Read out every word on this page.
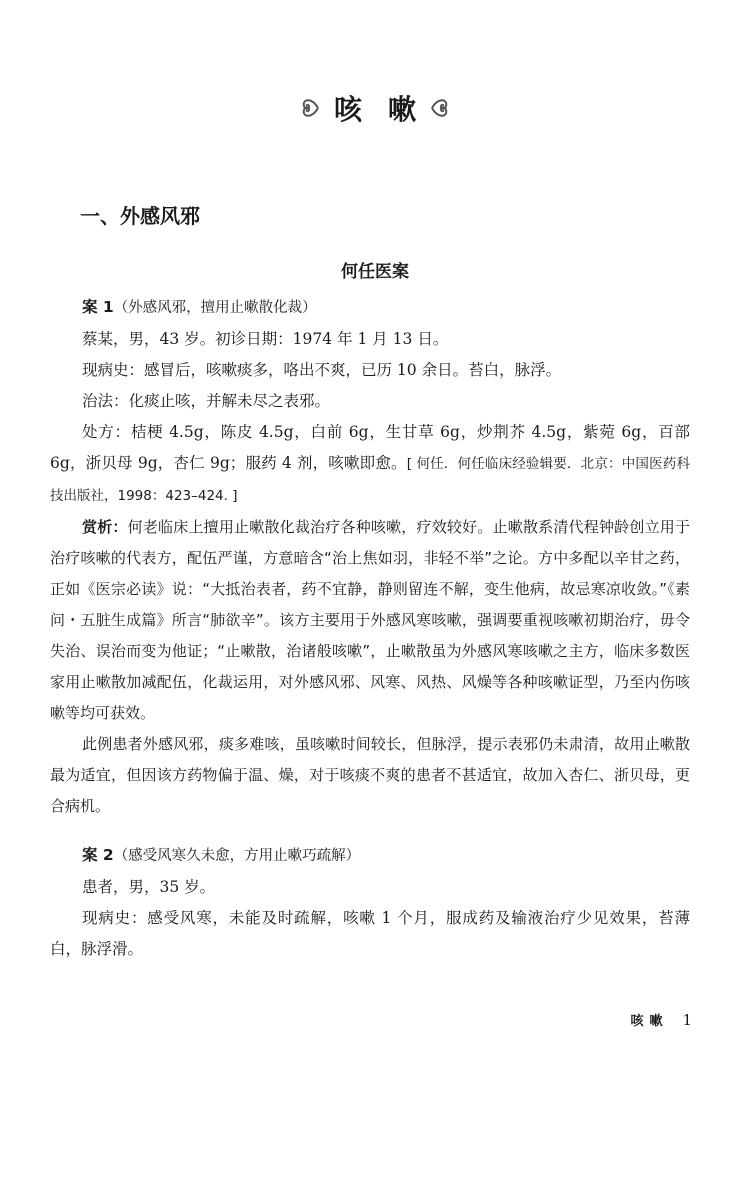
咳嗽
一、外感风邪
何任医案

案 1（外感风邪，擅用止嗽散化裁）

蔡某，男，43 岁。初诊日期：1974 年 1 月 13 日。

现病史：感冒后，咳嗽痰多，咯出不爽，已历 10 余日。苔白，脉浮。

治法：化痰止咳，并解未尽之表邪。

处方：桔梗 4.5g，陈皮 4.5g，白前 6g，生甘草 6g，炒荆芥 4.5g，紫菀 6g，百部 6g，浙贝母 9g，杏仁 9g；服药 4 剂，咳嗽即愈。[ 何任．何任临床经验辑要．北京：中国医药科技出版社，1998：423–424. ]

赏析：何老临床上擅用止嗽散化裁治疗各种咳嗽，疗效较好。止嗽散系清代程钟龄创立用于治疗咳嗽的代表方，配伍严谨，方意暗含“治上焦如羽，非轻不举”之论。方中多配以辛甘之药，正如《医宗必读》说：“大抵治表者，药不宜静，静则留连不解，变生他病，故忌寒凉收敛。”《素问・五脏生成篇》所言“肺欲辛”。该方主要用于外感风寒咳嗽，强调要重视咳嗽初期治疗，毋令失治、误治而变为他证；“止嗽散，治诸般咳嗽”，止嗽散虽为外感风寒咳嗽之主方，临床多数医家用止嗽散加减配伍，化裁运用，对外感风邪、风寒、风热、风燥等各种咳嗽证型，乃至内伤咳嗽等均可获效。

此例患者外感风邪，痰多难咳，虽咳嗽时间较长，但脉浮，提示表邪仍未肃清，故用止嗽散最为适宜，但因该方药物偏于温、燥，对于咳痰不爽的患者不甚适宜，故加入杏仁、浙贝母，更合病机。

案 2（感受风寒久未愈，方用止嗽巧疏解）

患者，男，35 岁。

现病史：感受风寒，未能及时疏解，咳嗽 1 个月，服成药及输液治疗少见效果，苔薄白，脉浮滑。

咳嗽 1
